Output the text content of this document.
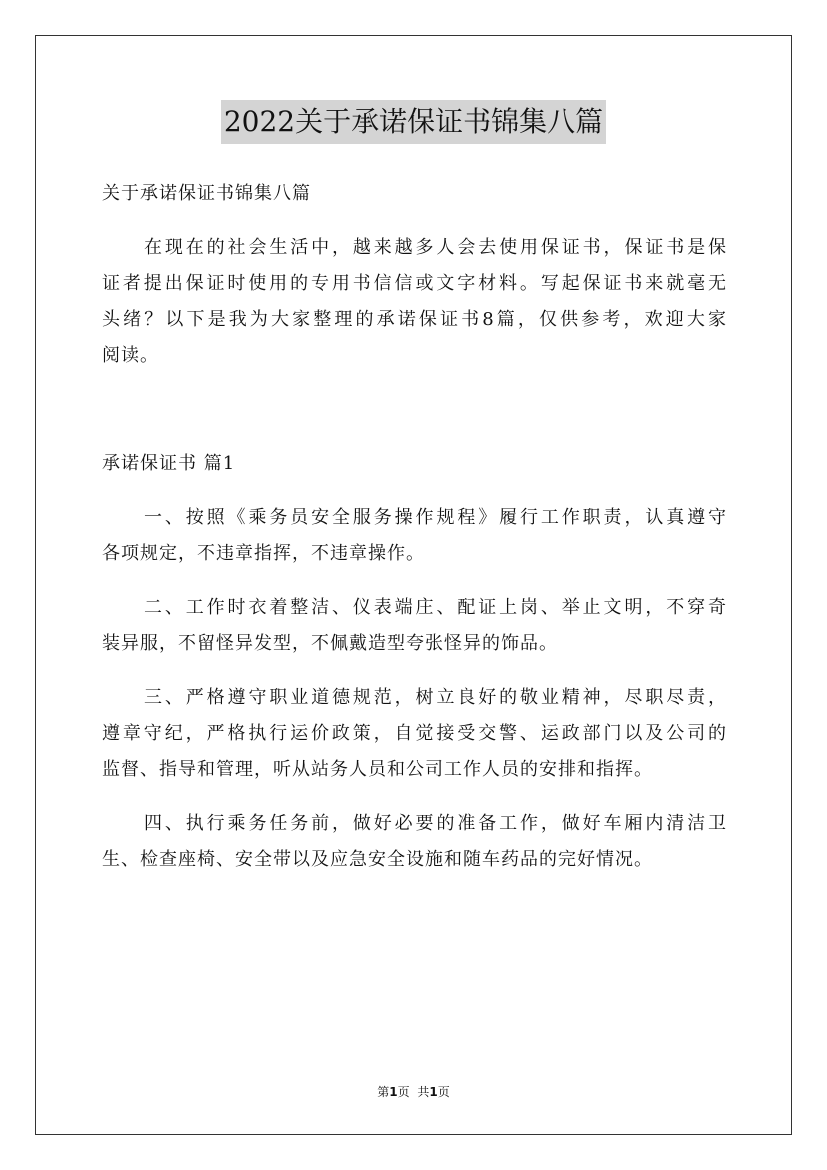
2022关于承诺保证书锦集八篇
关于承诺保证书锦集八篇
在现在的社会生活中，越来越多人会去使用保证书，保证书是保
证者提出保证时使用的专用书信信或文字材料。写起保证书来就毫无
头绪？以下是我为大家整理的承诺保证书8篇，仅供参考，欢迎大家
阅读。
承诺保证书 篇1
一、按照《乘务员安全服务操作规程》履行工作职责，认真遵守
各项规定，不违章指挥，不违章操作。
二、工作时衣着整洁、仪表端庄、配证上岗、举止文明，不穿奇
装异服，不留怪异发型，不佩戴造型夸张怪异的饰品。
三、严格遵守职业道德规范，树立良好的敬业精神，尽职尽责，
遵章守纪，严格执行运价政策，自觉接受交警、运政部门以及公司的
监督、指导和管理，听从站务人员和公司工作人员的安排和指挥。
四、执行乘务任务前，做好必要的准备工作，做好车厢内清洁卫
生、检查座椅、安全带以及应急安全设施和随车药品的完好情况。
第1页 共1页
